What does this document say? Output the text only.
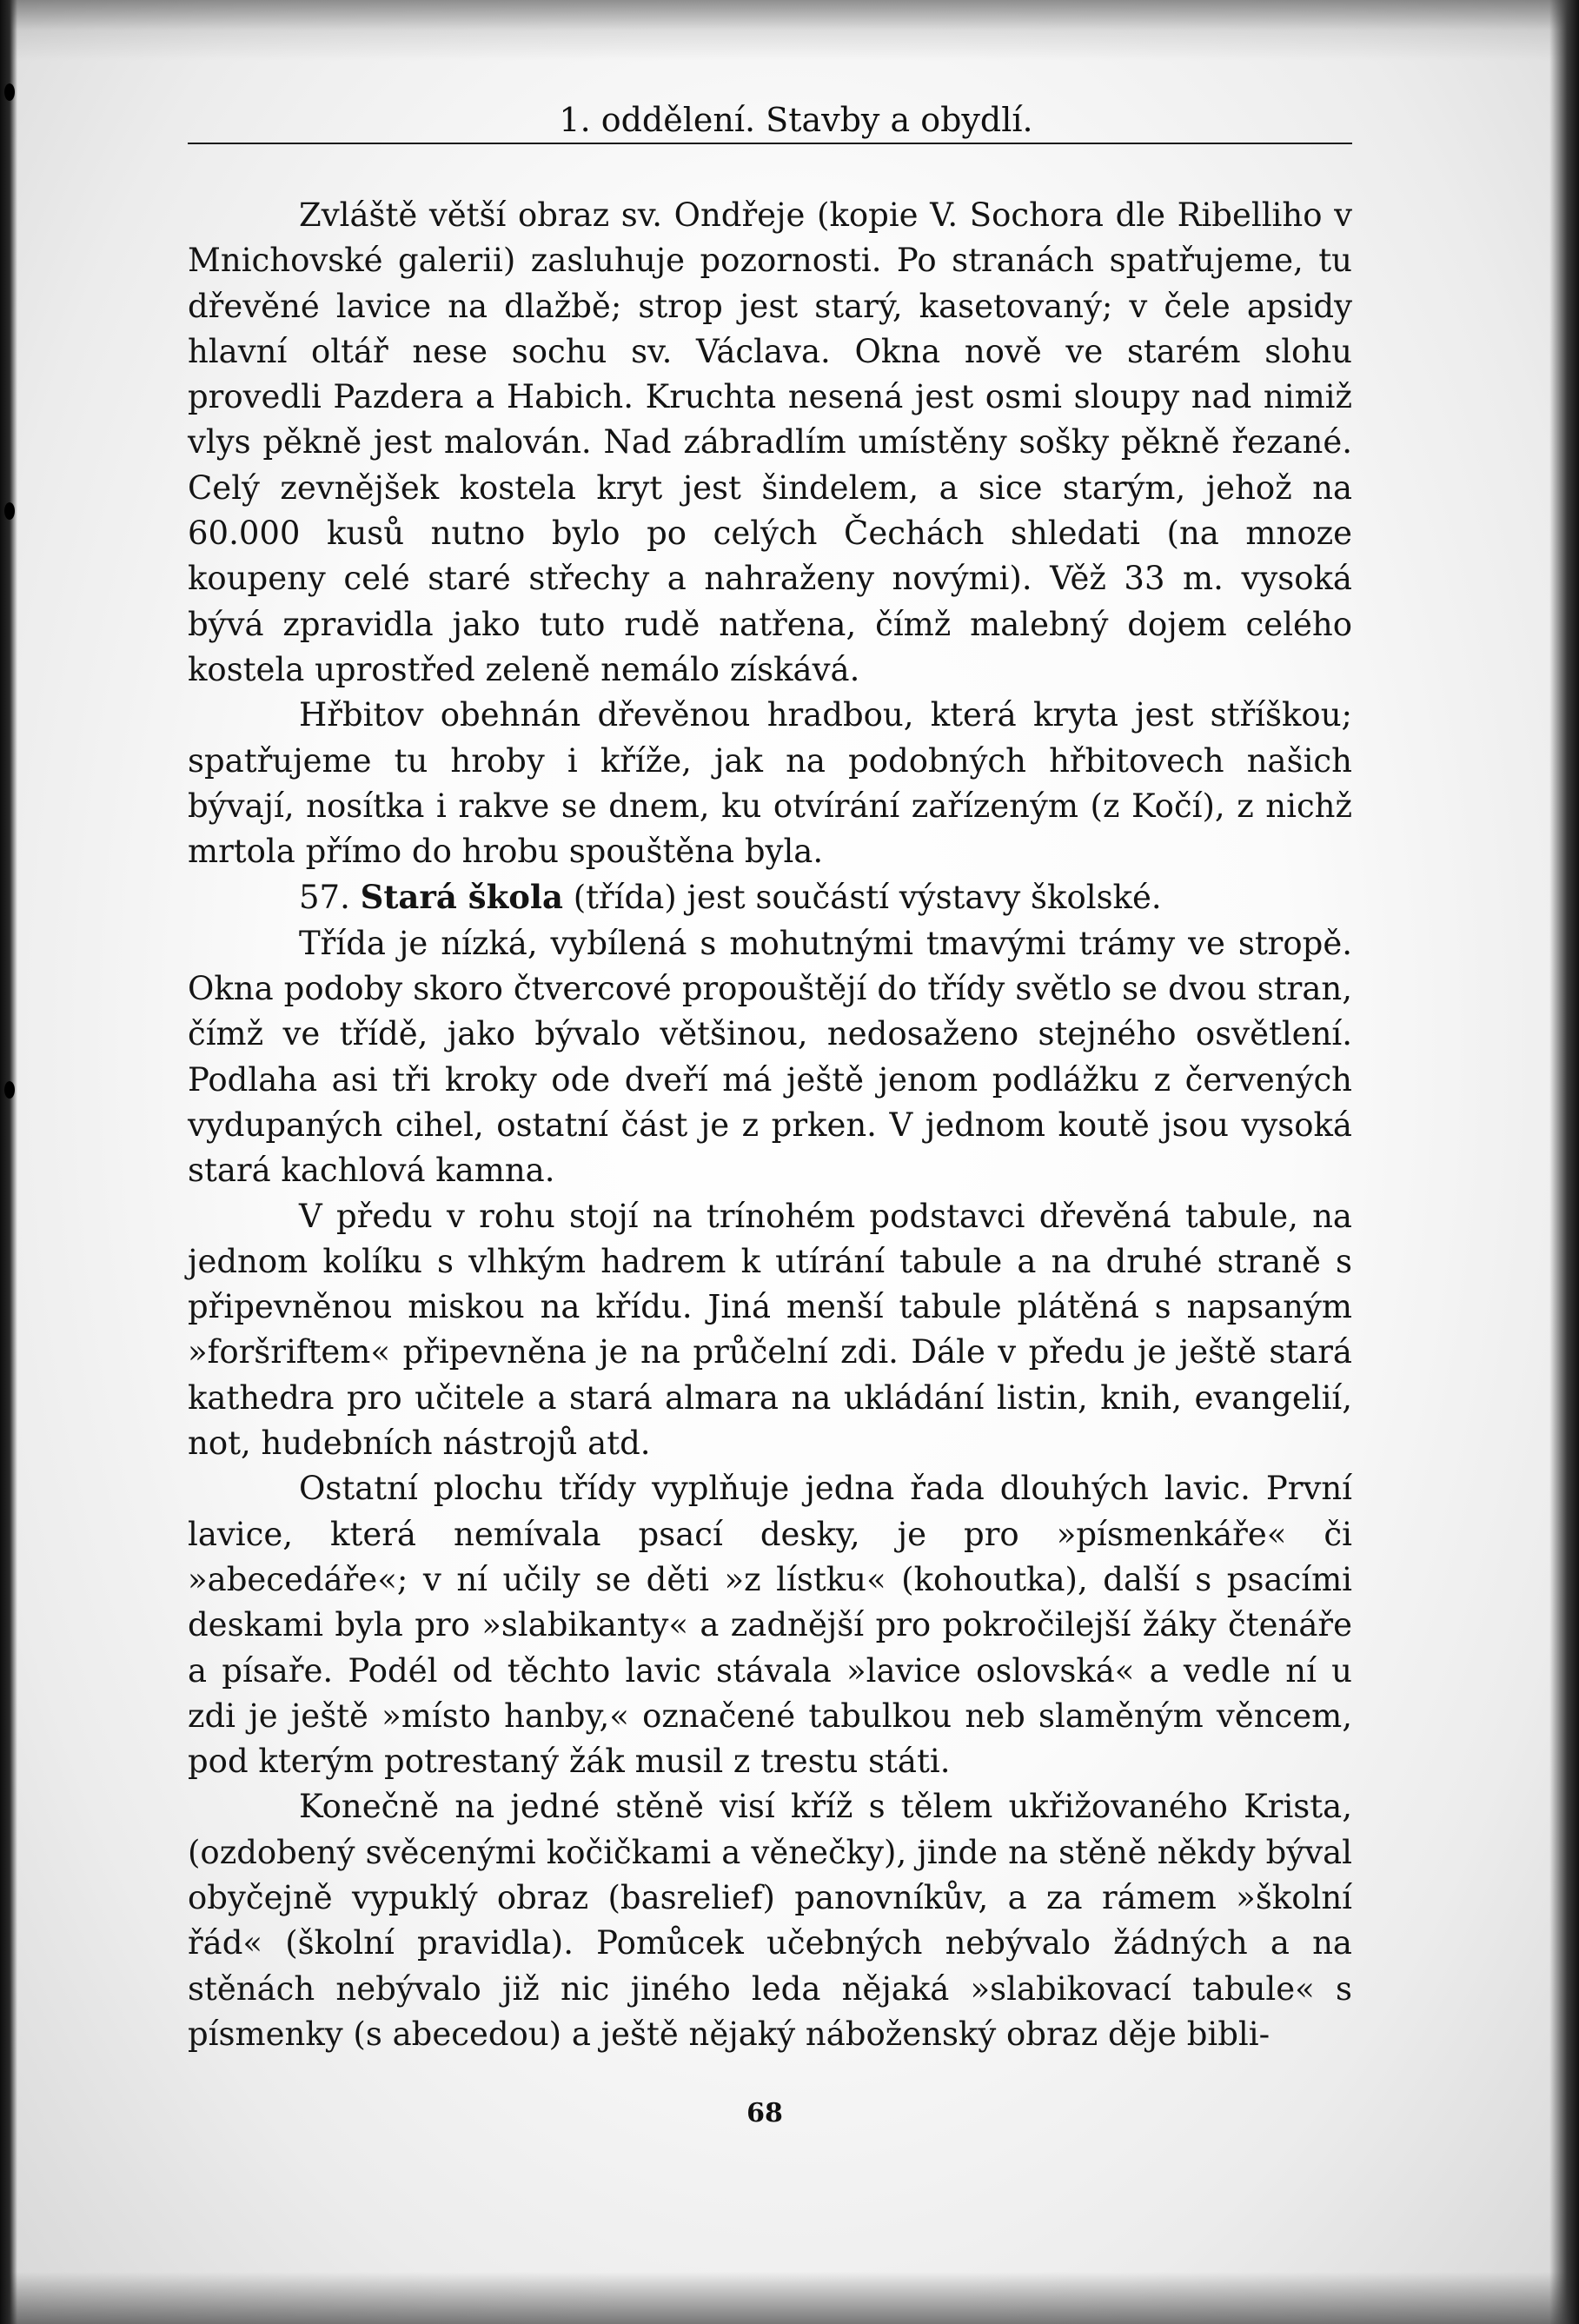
1. oddělení. Stavby a obydlí.

Zvláště větší obraz sv. Ondřeje (kopie V. Sochora dle Ribelliho v Mnichovské galerii) zasluhuje pozornosti. Po stranách spatřujeme, tu dřevěné lavice na dlažbě; strop jest starý, kasetovaný; v čele apsidy hlavní oltář nese sochu sv. Václava. Okna nově ve starém slohu provedli Pazdera a Habich. Kruchta nesená jest osmi sloupy nad nimiž vlys pěkně jest malován. Nad zábradlím umístěny sošky pěkně řezané. Celý zevnějšek kostela kryt jest šindelem, a sice starým, jehož na 60.000 kusů nutno bylo po celých Čechách shledati (na mnoze koupeny celé staré střechy a nahraženy novými). Věž 33 m. vysoká bývá zpravidla jako tuto rudě natřena, čímž malebný dojem celého kostela uprostřed zeleně nemálo získává.

Hřbitov obehnán dřevěnou hradbou, která kryta jest stříškou; spatřujeme tu hroby i kříže, jak na podobných hřbitovech našich bývají, nosítka i rakve se dnem, ku otvírání zařízeným (z Kočí), z nichž mrtola přímo do hrobu spouštěna byla.

57. Stará škola (třída) jest součástí výstavy školské.

Třída je nízká, vybílená s mohutnými tmavými trámy ve stropě. Okna podoby skoro čtvercové propouštějí do třídy světlo se dvou stran, čímž ve třídě, jako bývalo většinou, nedosaženo stejného osvětlení. Podlaha asi tři kroky ode dveří má ještě jenom podlážku z červených vydupaných cihel, ostatní část je z prken. V jednom koutě jsou vysoká stará kachlová kamna.

V předu v rohu stojí na trínohém podstavci dřevěná tabule, na jednom kolíku s vlhkým hadrem k utírání tabule a na druhé straně s připevněnou miskou na křídu. Jiná menší tabule plátěná s napsaným »foršriftem« připevněna je na průčelní zdi. Dále v předu je ještě stará kathedra pro učitele a stará almara na ukládání listin, knih, evangelií, not, hudebních nástrojů atd.

Ostatní plochu třídy vyplňuje jedna řada dlouhých lavic. První lavice, která nemívala psací desky, je pro »písmenkáře« či »abecedáře«; v ní učily se děti »z lístku« (kohoutka), další s psacími deskami byla pro »slabikanty« a zadnější pro pokročilejší žáky čtenáře a písaře. Podél od těchto lavic stávala »lavice oslovská« a vedle ní u zdi je ještě »místo hanby,« označené tabulkou neb slaměným věncem, pod kterým potrestaný žák musil z trestu státi.

Konečně na jedné stěně visí kříž s tělem ukřižovaného Krista, (ozdobený svěcenými kočičkami a věnečky), jinde na stěně někdy býval obyčejně vypuklý obraz (basrelief) panovníkův, a za rámem »školní řád« (školní pravidla). Pomůcek učebných nebývalo žádných a na stěnách nebývalo již nic jiného leda nějaká »slabikovací tabule« s písmenky (s abecedou) a ještě nějaký náboženský obraz děje bibli-

68
